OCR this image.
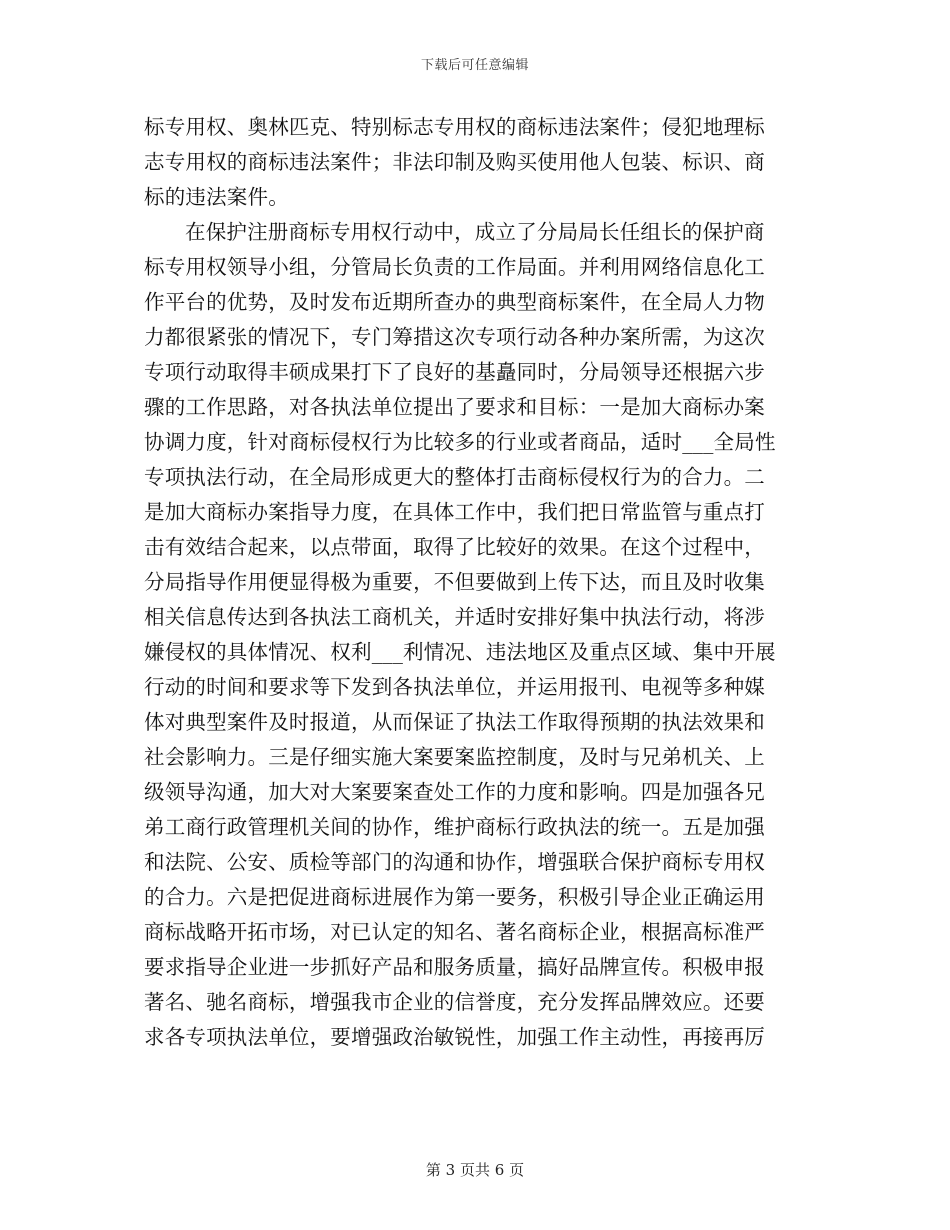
下载后可任意编辑
标专用权、奥林匹克、特别标志专用权的商标违法案件；侵犯地理标
志专用权的商标违法案件；非法印制及购买使用他人包装、标识、商
标的违法案件。
在保护注册商标专用权行动中，成立了分局局长任组长的保护商
标专用权领导小组，分管局长负责的工作局面。并利用网络信息化工
作平台的优势，及时发布近期所查办的典型商标案件，在全局人力物
力都很紧张的情况下，专门筹措这次专项行动各种办案所需，为这次
专项行动取得丰硕成果打下了良好的基矗同时，分局领导还根据六步
骤的工作思路，对各执法单位提出了要求和目标：一是加大商标办案
协调力度，针对商标侵权行为比较多的行业或者商品，适时___全局性
专项执法行动，在全局形成更大的整体打击商标侵权行为的合力。二
是加大商标办案指导力度，在具体工作中，我们把日常监管与重点打
击有效结合起来，以点带面，取得了比较好的效果。在这个过程中，
分局指导作用便显得极为重要，不但要做到上传下达，而且及时收集
相关信息传达到各执法工商机关，并适时安排好集中执法行动，将涉
嫌侵权的具体情况、权利___利情况、违法地区及重点区域、集中开展
行动的时间和要求等下发到各执法单位，并运用报刊、电视等多种媒
体对典型案件及时报道，从而保证了执法工作取得预期的执法效果和
社会影响力。三是仔细实施大案要案监控制度，及时与兄弟机关、上
级领导沟通，加大对大案要案查处工作的力度和影响。四是加强各兄
弟工商行政管理机关间的协作，维护商标行政执法的统一。五是加强
和法院、公安、质检等部门的沟通和协作，增强联合保护商标专用权
的合力。六是把促进商标进展作为第一要务，积极引导企业正确运用
商标战略开拓市场，对已认定的知名、著名商标企业，根据高标准严
要求指导企业进一步抓好产品和服务质量，搞好品牌宣传。积极申报
著名、驰名商标，增强我市企业的信誉度，充分发挥品牌效应。还要
求各专项执法单位，要增强政治敏锐性，加强工作主动性，再接再厉
第 3 页共 6 页
